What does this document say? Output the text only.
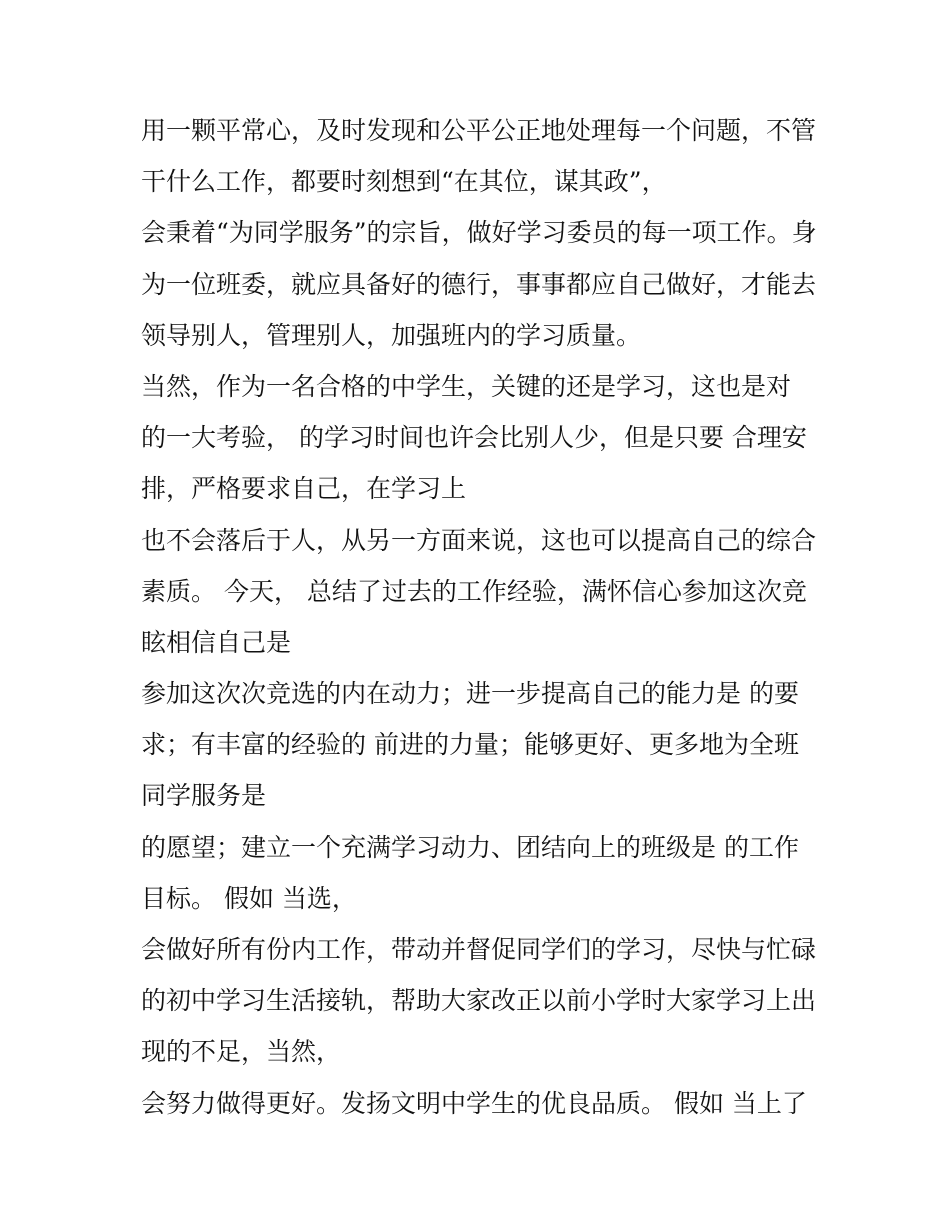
用一颗平常心，及时发现和公平公正地处理每一个问题，不管

干什么工作，都要时刻想到“在其位，谋其政”，

会秉着“为同学服务”的宗旨，做好学习委员的每一项工作。身

为一位班委，就应具备好的德行，事事都应自己做好，才能去

领导别人，管理别人，加强班内的学习质量。

当然，作为一名合格的中学生，关键的还是学习，这也是对

的一大考验， 的学习时间也许会比别人少，但是只要 合理安

排，严格要求自己，在学习上

也不会落后于人，从另一方面来说，这也可以提高自己的综合

素质。 今天， 总结了过去的工作经验，满怀信心参加这次竞

眩相信自己是

参加这次次竞选的内在动力；进一步提高自己的能力是 的要

求；有丰富的经验的 前进的力量；能够更好、更多地为全班

同学服务是

的愿望；建立一个充满学习动力、团结向上的班级是 的工作

目标。 假如 当选，

会做好所有份内工作，带动并督促同学们的学习，尽快与忙碌

的初中学习生活接轨，帮助大家改正以前小学时大家学习上出

现的不足，当然，

会努力做得更好。发扬文明中学生的优良品质。 假如 当上了
